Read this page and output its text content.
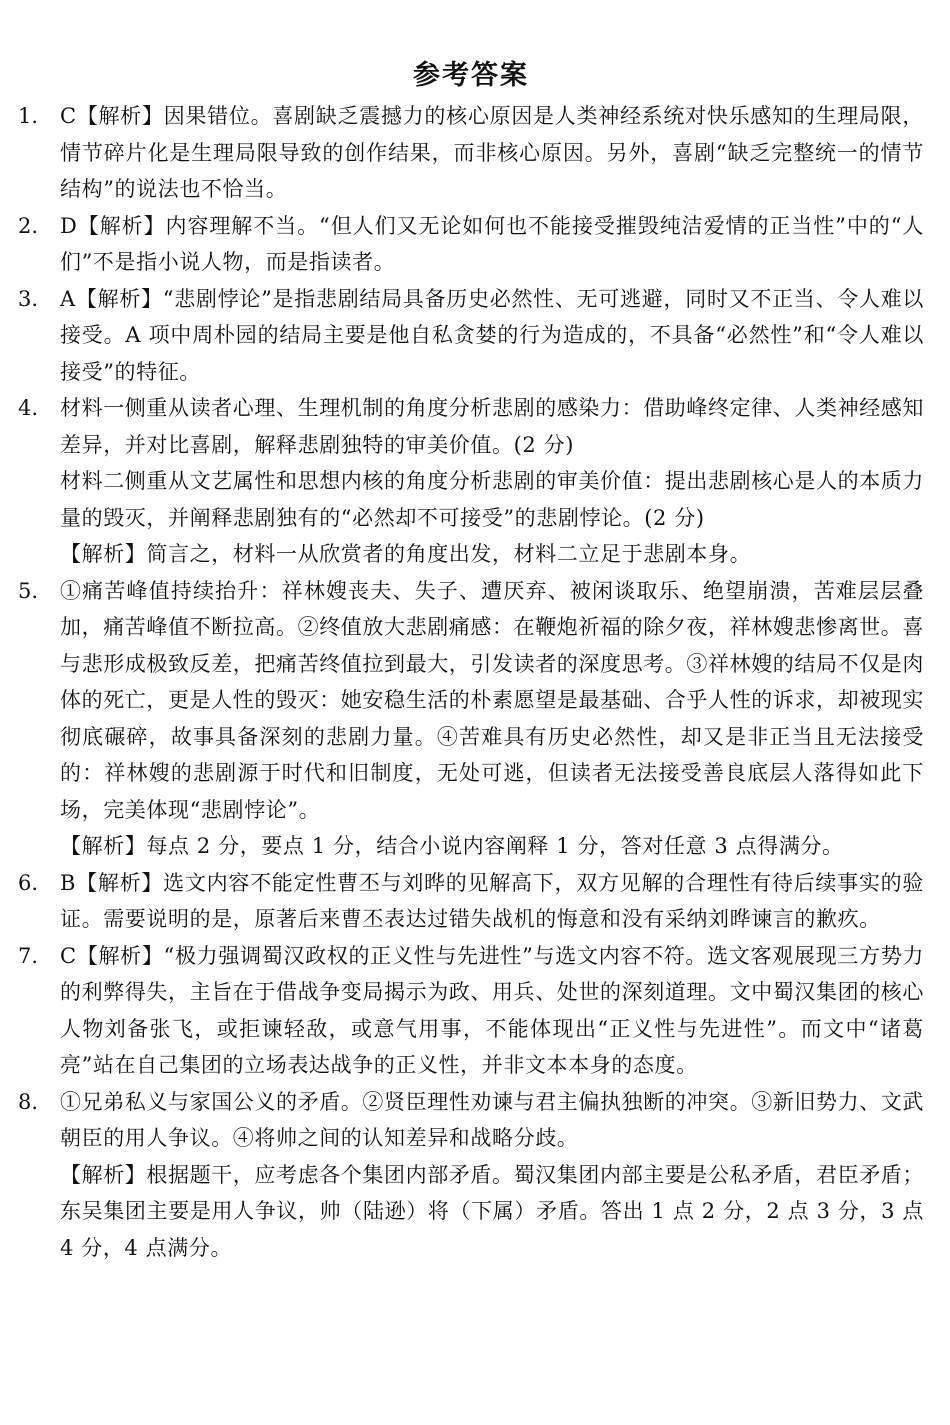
参考答案
1. C【解析】因果错位。喜剧缺乏震撼力的核心原因是人类神经系统对快乐感知的生理局限，情节碎片化是生理局限导致的创作结果，而非核心原因。另外，喜剧“缺乏完整统一的情节结构”的说法也不恰当。

2. D【解析】内容理解不当。“但人们又无论如何也不能接受摧毁纯洁爱情的正当性”中的“人们”不是指小说人物，而是指读者。

3. A【解析】“悲剧悖论”是指悲剧结局具备历史必然性、无可逃避，同时又不正当、令人难以接受。A 项中周朴园的结局主要是他自私贪婪的行为造成的，不具备“必然性”和“令人难以接受”的特征。

4. 材料一侧重从读者心理、生理机制的角度分析悲剧的感染力：借助峰终定律、人类神经感知差异，并对比喜剧，解释悲剧独特的审美价值。(2 分)

材料二侧重从文艺属性和思想内核的角度分析悲剧的审美价值：提出悲剧核心是人的本质力量的毁灭，并阐释悲剧独有的“必然却不可接受”的悲剧悖论。(2 分)

【解析】简言之，材料一从欣赏者的角度出发，材料二立足于悲剧本身。

5. ①痛苦峰值持续抬升：祥林嫂丧夫、失子、遭厌弃、被闲谈取乐、绝望崩溃，苦难层层叠加，痛苦峰值不断拉高。②终值放大悲剧痛感：在鞭炮祈福的除夕夜，祥林嫂悲惨离世。喜与悲形成极致反差，把痛苦终值拉到最大，引发读者的深度思考。③祥林嫂的结局不仅是肉体的死亡，更是人性的毁灭：她安稳生活的朴素愿望是最基础、合乎人性的诉求，却被现实彻底碾碎，故事具备深刻的悲剧力量。④苦难具有历史必然性，却又是非正当且无法接受的：祥林嫂的悲剧源于时代和旧制度，无处可逃，但读者无法接受善良底层人落得如此下场，完美体现“悲剧悖论”。

【解析】每点 2 分，要点 1 分，结合小说内容阐释 1 分，答对任意 3 点得满分。

6. B【解析】选文内容不能定性曹丕与刘晔的见解高下，双方见解的合理性有待后续事实的验证。需要说明的是，原著后来曹丕表达过错失战机的悔意和没有采纳刘晔谏言的歉疚。

7. C【解析】“极力强调蜀汉政权的正义性与先进性”与选文内容不符。选文客观展现三方势力的利弊得失，主旨在于借战争变局揭示为政、用兵、处世的深刻道理。文中蜀汉集团的核心人物刘备张飞，或拒谏轻敌，或意气用事，不能体现出“正义性与先进性”。而文中“诸葛亮”站在自己集团的立场表达战争的正义性，并非文本本身的态度。

8. ①兄弟私义与家国公义的矛盾。②贤臣理性劝谏与君主偏执独断的冲突。③新旧势力、文武朝臣的用人争议。④将帅之间的认知差异和战略分歧。

【解析】根据题干，应考虑各个集团内部矛盾。蜀汉集团内部主要是公私矛盾，君臣矛盾；东吴集团主要是用人争议，帅（陆逊）将（下属）矛盾。答出 1 点 2 分，2 点 3 分，3 点 4 分，4 点满分。
